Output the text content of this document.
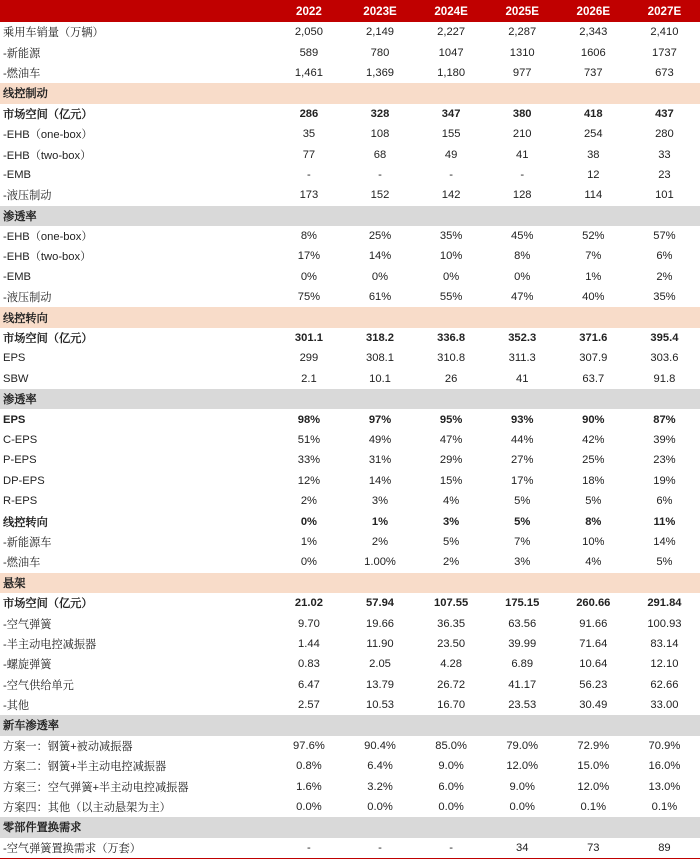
	2022	2023E	2024E	2025E	2026E	2027E
乘用车销量（万辆）	2,050	2,149	2,227	2,287	2,343	2,410
-新能源	589	780	1047	1310	1606	1737
-燃油车	1,461	1,369	1,180	977	737	673
线控制动						
市场空间（亿元）	286	328	347	380	418	437
-EHB（one-box）	35	108	155	210	254	280
-EHB（two-box）	77	68	49	41	38	33
-EMB	-	-	-	-	12	23
-液压制动	173	152	142	128	114	101
渗透率						
-EHB（one-box）	8%	25%	35%	45%	52%	57%
-EHB（two-box）	17%	14%	10%	8%	7%	6%
-EMB	0%	0%	0%	0%	1%	2%
-液压制动	75%	61%	55%	47%	40%	35%
线控转向						
市场空间（亿元）	301.1	318.2	336.8	352.3	371.6	395.4
EPS	299	308.1	310.8	311.3	307.9	303.6
SBW	2.1	10.1	26	41	63.7	91.8
渗透率						
EPS	98%	97%	95%	93%	90%	87%
C-EPS	51%	49%	47%	44%	42%	39%
P-EPS	33%	31%	29%	27%	25%	23%
DP-EPS	12%	14%	15%	17%	18%	19%
R-EPS	2%	3%	4%	5%	5%	6%
线控转向	0%	1%	3%	5%	8%	11%
-新能源车	1%	2%	5%	7%	10%	14%
-燃油车	0%	1.00%	2%	3%	4%	5%
悬架						
市场空间（亿元）	21.02	57.94	107.55	175.15	260.66	291.84
-空气弹簧	9.70	19.66	36.35	63.56	91.66	100.93
-半主动电控减振器	1.44	11.90	23.50	39.99	71.64	83.14
-螺旋弹簧	0.83	2.05	4.28	6.89	10.64	12.10
-空气供给单元	6.47	13.79	26.72	41.17	56.23	62.66
-其他	2.57	10.53	16.70	23.53	30.49	33.00
新车渗透率						
方案一：钢簧+被动减振器	97.6%	90.4%	85.0%	79.0%	72.9%	70.9%
方案二：钢簧+半主动电控减振器	0.8%	6.4%	9.0%	12.0%	15.0%	16.0%
方案三：空气弹簧+半主动电控减振器	1.6%	3.2%	6.0%	9.0%	12.0%	13.0%
方案四：其他（以主动悬架为主）	0.0%	0.0%	0.0%	0.0%	0.1%	0.1%
零部件置换需求						
-空气弹簧置换需求（万套）	-	-	-	34	73	89
